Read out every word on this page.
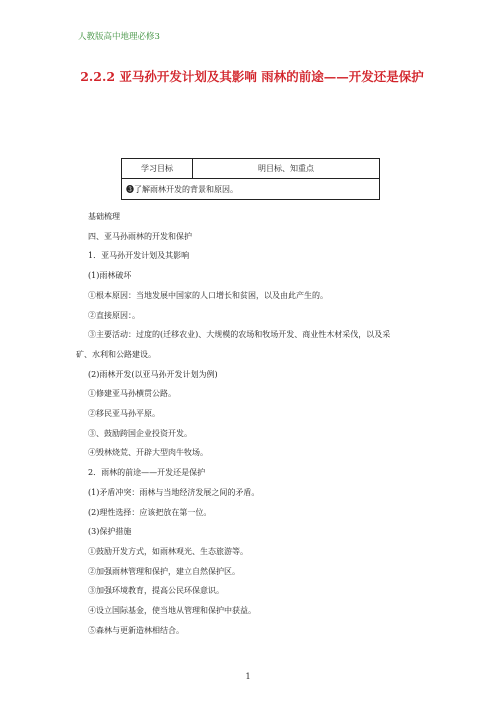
人教版高中地理必修3
2.2.2 亚马孙开发计划及其影响 雨林的前途——开发还是保护
学习目标	明目标、知重点
❸了解雨林开发的背景和原因。

基础梳理

四、亚马孙雨林的开发和保护

1．亚马孙开发计划及其影响

(1)雨林破坏

①根本原因：当地发展中国家的人口增长和贫困，以及由此产生的。

②直接原因：。

③主要活动：过度的(迁移农业)、大规模的农场和牧场开发、商业性木材采伐，以及采

矿、水利和公路建设。

(2)雨林开发(以亚马孙开发计划为例)

①修建亚马孙横贯公路。

②移民亚马孙平原。

③、鼓励跨国企业投资开发。

④毁林烧荒、开辟大型肉牛牧场。

2．雨林的前途——开发还是保护

(1)矛盾冲突：雨林与当地经济发展之间的矛盾。

(2)理性选择：应该把放在第一位。

(3)保护措施

①鼓励开发方式，如雨林观光、生态旅游等。

②加强雨林管理和保护，建立自然保护区。

③加强环境教育，提高公民环保意识。

④设立国际基金，使当地从管理和保护中获益。

⑤森林与更新造林相结合。

1
